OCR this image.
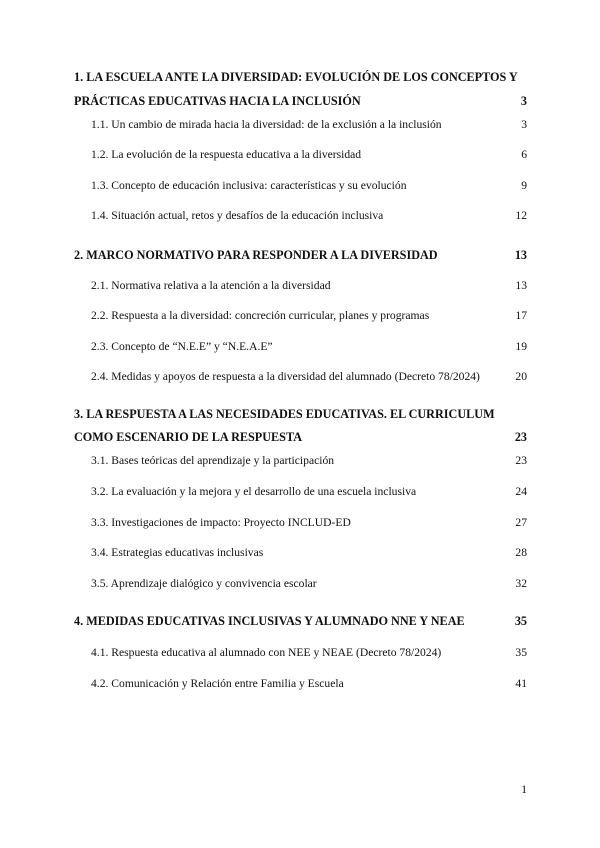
1. LA ESCUELA ANTE LA DIVERSIDAD: EVOLUCIÓN DE LOS CONCEPTOS Y
PRÁCTICAS EDUCATIVAS HACIA LA INCLUSIÓN	3
1.1. Un cambio de mirada hacia la diversidad: de la exclusión a la inclusión	3
1.2. La evolución de la respuesta educativa a la diversidad	6
1.3. Concepto de educación inclusiva: características y su evolución	9
1.4. Situación actual, retos y desafíos de la educación inclusiva	12
2. MARCO NORMATIVO PARA RESPONDER A LA DIVERSIDAD	13
2.1. Normativa relativa a la atención a la diversidad	13
2.2. Respuesta a la diversidad: concreción curricular, planes y programas	17
2.3. Concepto de “N.E.E” y “N.E.A.E”	19
2.4. Medidas y apoyos de respuesta a la diversidad del alumnado (Decreto 78/2024)	20
3. LA RESPUESTA A LAS NECESIDADES EDUCATIVAS. EL CURRICULUM
COMO ESCENARIO DE LA RESPUESTA	23
3.1. Bases teóricas del aprendizaje y la participación	23
3.2. La evaluación y la mejora y el desarrollo de una escuela inclusiva	24
3.3. Investigaciones de impacto: Proyecto INCLUD-ED	27
3.4. Estrategias educativas inclusivas	28
3.5. Aprendizaje dialógico y convivencia escolar	32
4. MEDIDAS EDUCATIVAS INCLUSIVAS Y ALUMNADO NNE Y NEAE	35
4.1. Respuesta educativa al alumnado con NEE y NEAE (Decreto 78/2024)	35
4.2. Comunicación y Relación entre Familia y Escuela	41
1
